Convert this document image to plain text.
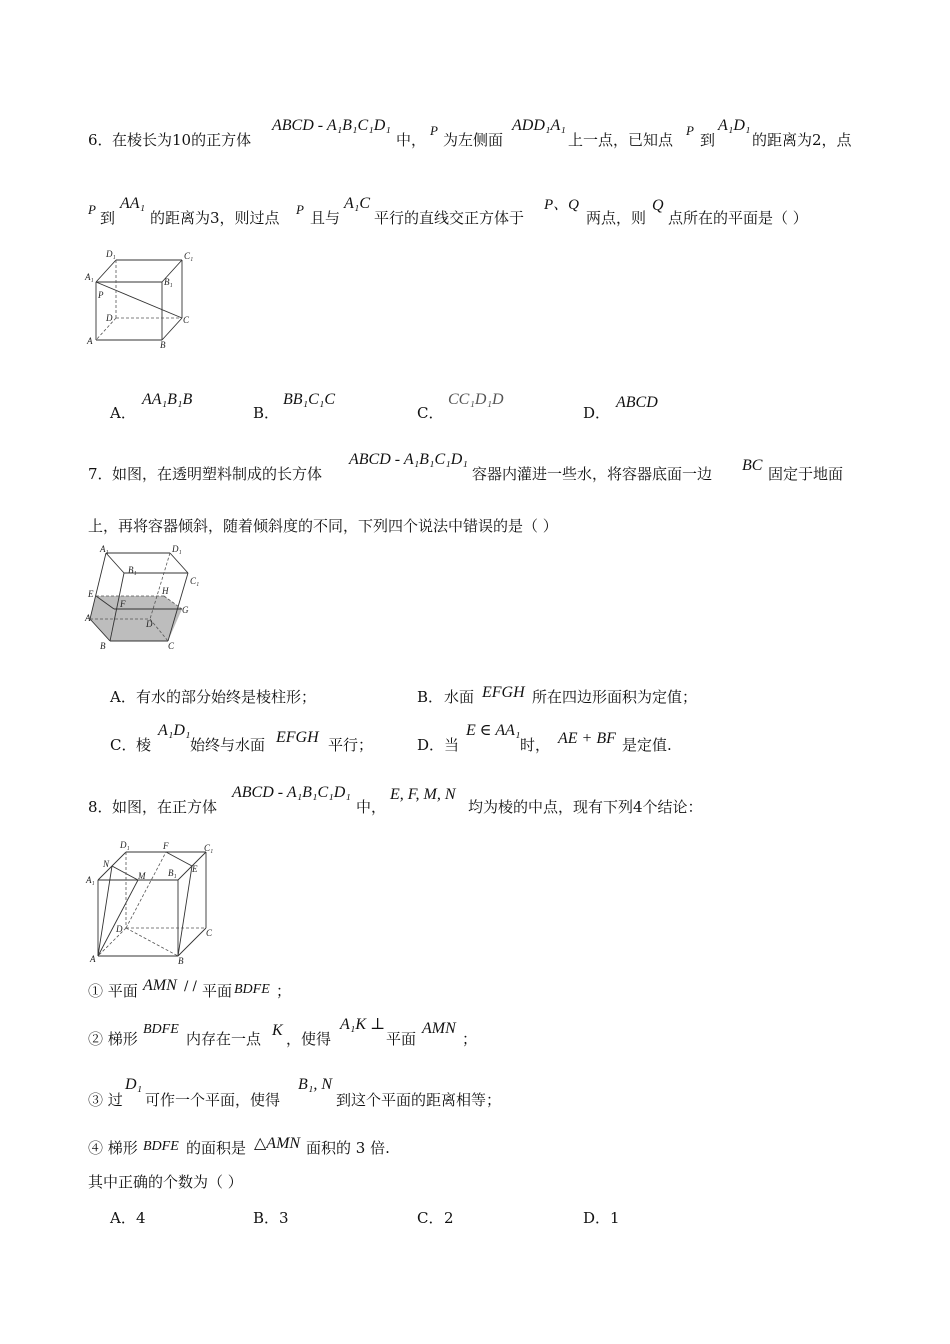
6． 在棱长为10的正方体
ABCD - A₁B₁C₁D₁
中，
P
为左侧面
ADD₁A₁
上一点，已知点
P
到
A₁D₁
的距离为2，点
P 到
AA₁
的距离为3，则过点 P 且与
A₁C
平行的直线交正方体于
P、Q
两点，则
Q
点所在的平面是（ ）
D₁	C₁
A₁	B₁
P
D	C
A	B
A．
AA₁B₁B
B．
BB₁C₁C
C．
CC₁D₁D
D．
ABCD
7． 如图，在透明塑料制成的长方体
ABCD - A₁B₁C₁D₁
容器内灌进一些水，将容器底面一边 BC 固定于地面
上，再将容器倾斜，随着倾斜度的不同，下列四个说法中错误的是（ ）
A₁	D₁
B₁
C₁
E	H
F
G
A
D
B	C
A． 有水的部分始终是棱柱形；	B． 水面 EFGH 所在四边形面积为定值；
C． 棱
A₁D₁
始终与水面 EFGH 平行；	D． 当
E ∈ AA₁
时， AE + BF 是定值.
8． 如图，在正方体
ABCD - A₁B₁C₁D₁
中，
E, F, M, N
均为棱的中点，现有下列4个结论：
D₁	F	C₁
N
M	B₁ E
A₁
D	C
A	B
① 平面 AMN / / 平面 BDFE ；
② 梯形
BDFE
内存在一点 K ，使得
A₁K ⊥
平面
AMN
；
③ 过
D₁
可作一个平面，使得
B₁, N
到这个平面的距离相等；
④ 梯形 BDFE 的面积是 △AMN 面积的 3 倍.
其中正确的个数为（ ）
A． 4	B． 3	C． 2	D． 1
